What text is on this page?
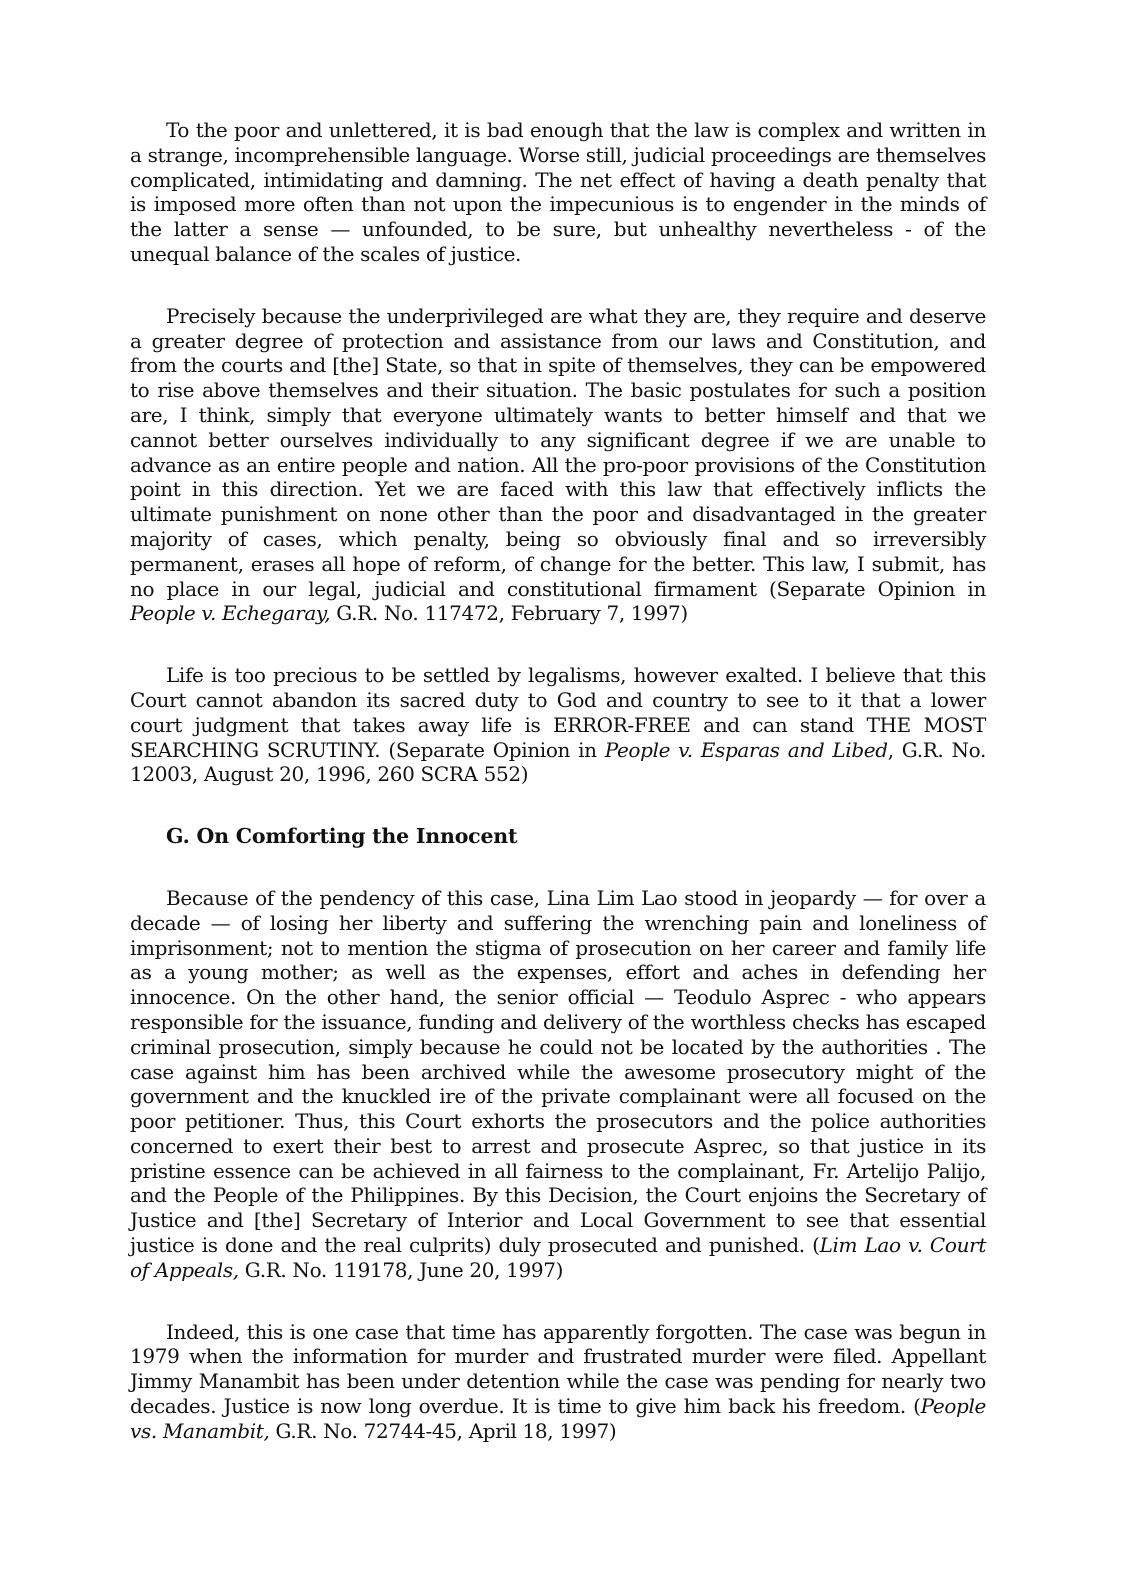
To the poor and unlettered, it is bad enough that the law is complex and written in a strange, incomprehensible language. Worse still, judicial proceedings are themselves complicated, intimidating and damning. The net effect of having a death penalty that is imposed more often than not upon the impecunious is to engender in the minds of the latter a sense — unfounded, to be sure, but unhealthy nevertheless - of the unequal balance of the scales of justice.

Precisely because the underprivileged are what they are, they require and deserve a greater degree of protection and assistance from our laws and Constitution, and from the courts and [the] State, so that in spite of themselves, they can be empowered to rise above themselves and their situation. The basic postulates for such a position are, I think, simply that everyone ultimately wants to better himself and that we cannot better ourselves individually to any significant degree if we are unable to advance as an entire people and nation. All the pro-poor provisions of the Constitution point in this direction. Yet we are faced with this law that effectively inflicts the ultimate punishment on none other than the poor and disadvantaged in the greater majority of cases, which penalty, being so obviously final and so irreversibly permanent, erases all hope of reform, of change for the better. This law, I submit, has no place in our legal, judicial and constitutional firmament (Separate Opinion in People v. Echegaray, G.R. No. 117472, February 7, 1997)

Life is too precious to be settled by legalisms, however exalted. I believe that this Court cannot abandon its sacred duty to God and country to see to it that a lower court judgment that takes away life is ERROR-FREE and can stand THE MOST SEARCHING SCRUTINY. (Separate Opinion in People v. Esparas and Libed, G.R. No. 12003, August 20, 1996, 260 SCRA 552)

G. On Comforting the Innocent

Because of the pendency of this case, Lina Lim Lao stood in jeopardy — for over a decade — of losing her liberty and suffering the wrenching pain and loneliness of imprisonment; not to mention the stigma of prosecution on her career and family life as a young mother; as well as the expenses, effort and aches in defending her innocence. On the other hand, the senior official — Teodulo Asprec - who appears responsible for the issuance, funding and delivery of the worthless checks has escaped criminal prosecution, simply because he could not be located by the authorities . The case against him has been archived while the awesome prosecutory might of the government and the knuckled ire of the private complainant were all focused on the poor petitioner. Thus, this Court exhorts the prosecutors and the police authorities concerned to exert their best to arrest and prosecute Asprec, so that justice in its pristine essence can be achieved in all fairness to the complainant, Fr. Artelijo Palijo, and the People of the Philippines. By this Decision, the Court enjoins the Secretary of Justice and [the] Secretary of Interior and Local Government to see that essential justice is done and the real culprits) duly prosecuted and punished. (Lim Lao v. Court of Appeals, G.R. No. 119178, June 20, 1997)

Indeed, this is one case that time has apparently forgotten. The case was begun in 1979 when the information for murder and frustrated murder were filed. Appellant Jimmy Manambit has been under detention while the case was pending for nearly two decades. Justice is now long overdue. It is time to give him back his freedom. (People vs. Manambit, G.R. No. 72744-45, April 18, 1997)
